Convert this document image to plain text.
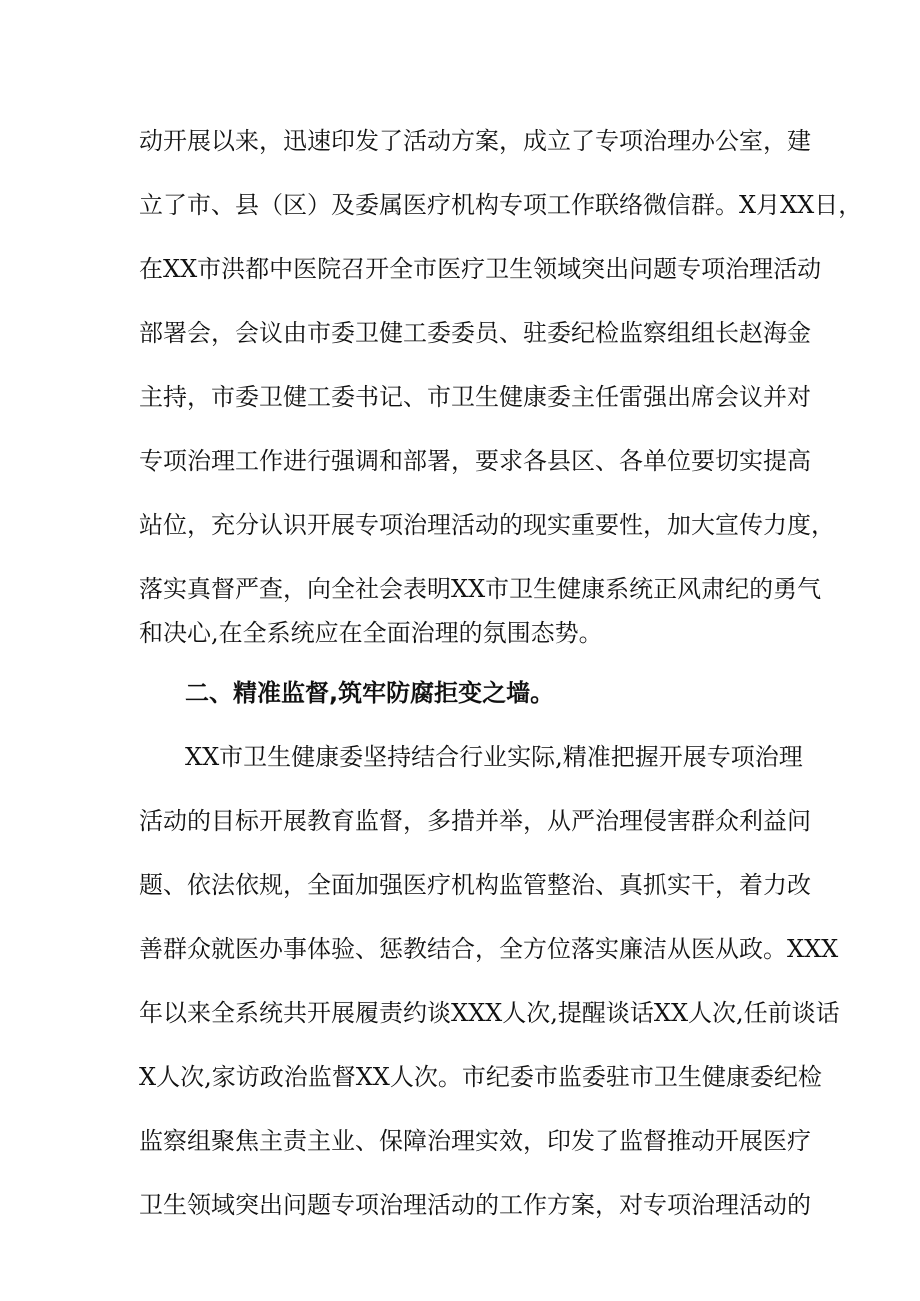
动开展以来，迅速印发了活动方案，成立了专项治理办公室，建
立了市、县（区）及委属医疗机构专项工作联络微信群。X月XX日，
在XX市洪都中医院召开全市医疗卫生领域突出问题专项治理活动
部署会，会议由市委卫健工委委员、驻委纪检监察组组长赵海金
主持，市委卫健工委书记、市卫生健康委主任雷强出席会议并对
专项治理工作进行强调和部署，要求各县区、各单位要切实提高
站位，充分认识开展专项治理活动的现实重要性，加大宣传力度，
落实真督严查，向全社会表明XX市卫生健康系统正风肃纪的勇气
和决心,在全系统应在全面治理的氛围态势。
二、精准监督,筑牢防腐拒变之墙。
XX市卫生健康委坚持结合行业实际,精准把握开展专项治理
活动的目标开展教育监督，多措并举，从严治理侵害群众利益问
题、依法依规，全面加强医疗机构监管整治、真抓实干，着力改
善群众就医办事体验、惩教结合，全方位落实廉洁从医从政。XXX
年以来全系统共开展履责约谈XXX人次,提醒谈话XX人次,任前谈话
X人次,家访政治监督XX人次。市纪委市监委驻市卫生健康委纪检
监察组聚焦主责主业、保障治理实效，印发了监督推动开展医疗
卫生领域突出问题专项治理活动的工作方案，对专项治理活动的
